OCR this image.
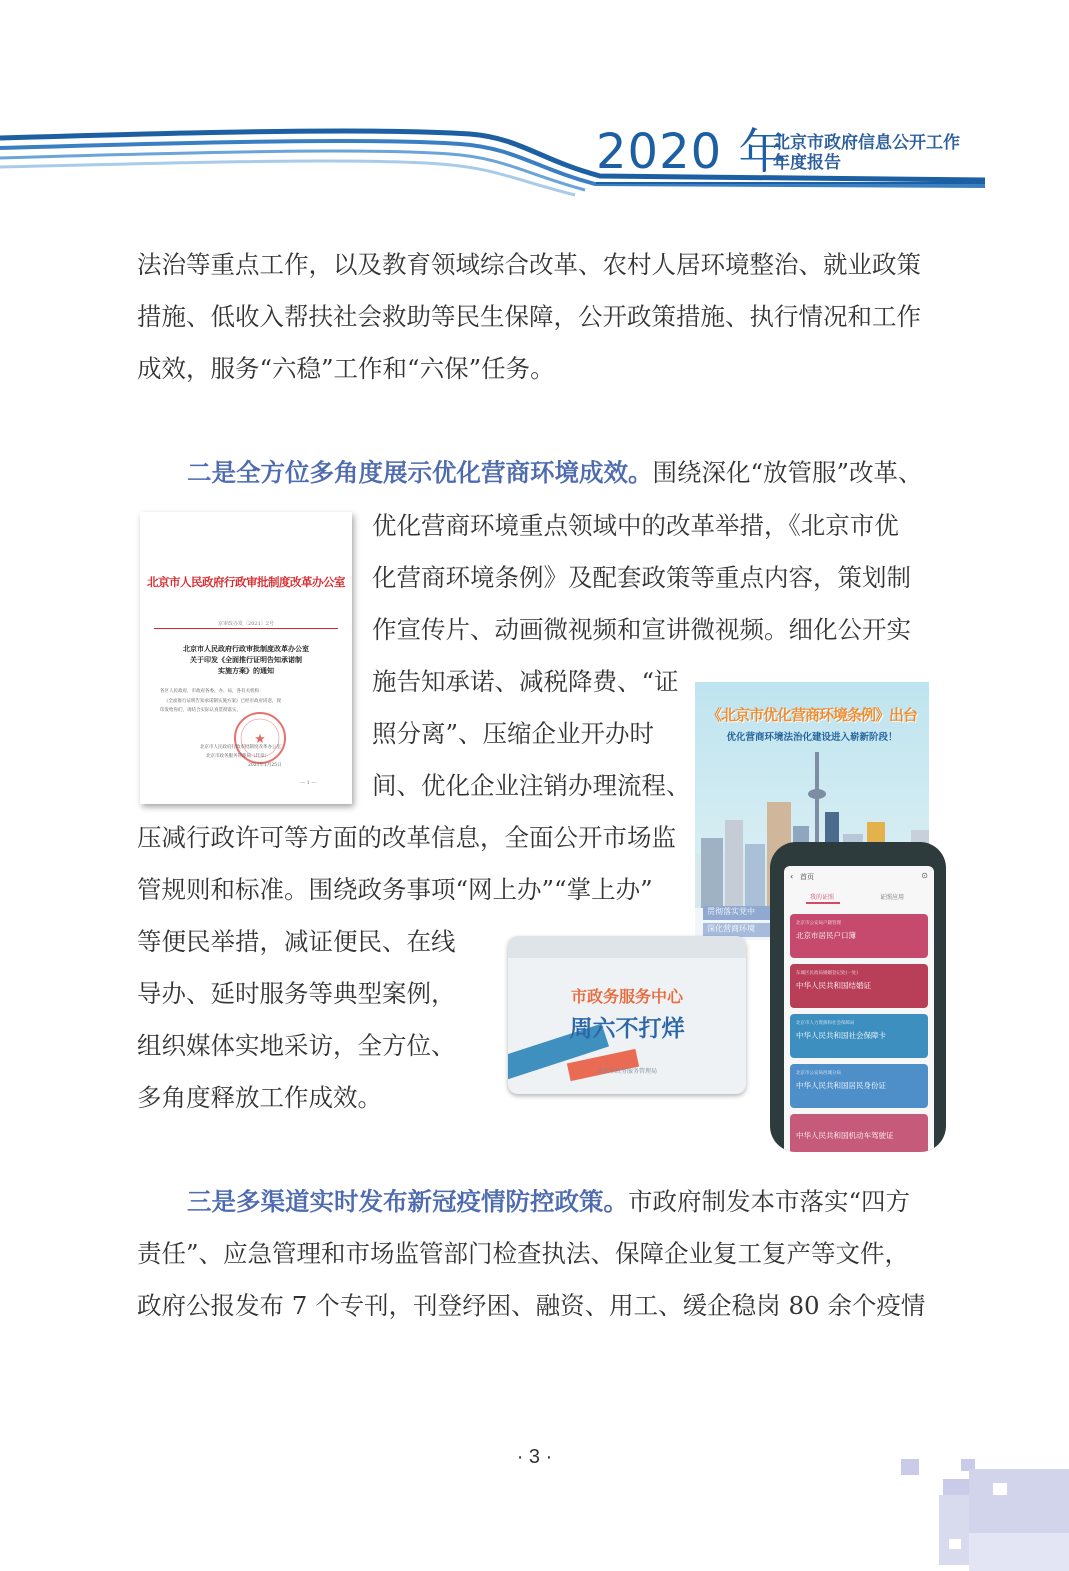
2020 年
北京市政府信息公开工作
年度报告
法治等重点工作，以及教育领域综合改革、农村人居环境整治、就业政策
措施、低收入帮扶社会救助等民生保障，公开政策措施、执行情况和工作
成效，服务“六稳”工作和“六保”任务。
二是全方位多角度展示优化营商环境成效。围绕深化“放管服”改革、
优化营商环境重点领域中的改革举措，《北京市优
化营商环境条例》及配套政策等重点内容，策划制
作宣传片、动画微视频和宣讲微视频。细化公开实
施告知承诺、减税降费、“证
照分离”、压缩企业开办时
间、优化企业注销办理流程、
压减行政许可等方面的改革信息，全面公开市场监
管规则和标准。围绕政务事项“网上办”“掌上办”
等便民举措，减证便民、在线
导办、延时服务等典型案例，
组织媒体实地采访，全方位、
多角度释放工作成效。
三是多渠道实时发布新冠疫情防控政策。市政府制发本市落实“四方
责任”、应急管理和市场监管部门检查执法、保障企业复工复产等文件，
政府公报发布 7 个专刊，刊登纾困、融资、用工、缓企稳岗 80 余个疫情
北京市人民政府行政审批制度改革办公室
京审改办发〔2021〕2号
北京市人民政府行政审批制度改革办公室
关于印发《全面推行证明告知承诺制
实施方案》的通知
各区人民政府，市政府各委、办、局，各有关机构：
《全面推行证明告知承诺制实施方案》已经市政府同意，现
印发给你们，请结合实际认真贯彻落实。
★
北京市人民政府行政审批制度改革办公室
北京市政务服务管理局（代章）
2021年1月25日
— 1 —
《北京市优化营商环境条例》出台
优化营商环境法治化建设进入崭新阶段！
贯彻落实党中
深化营商环境
‹ 首页	⊙
我的证照	证照应用
北京市公安局户籍管理
北京市居民户口簿
东城区民政局婚姻登记处(一处)
中华人民共和国结婚证
北京市人力资源和社会保障局
中华人民共和国社会保障卡
北京市公安局西城分局
中华人民共和国居民身份证
中华人民共和国机动车驾驶证
市政务服务中心
周六不打烊
北京市政务服务管理局
· 3 ·
